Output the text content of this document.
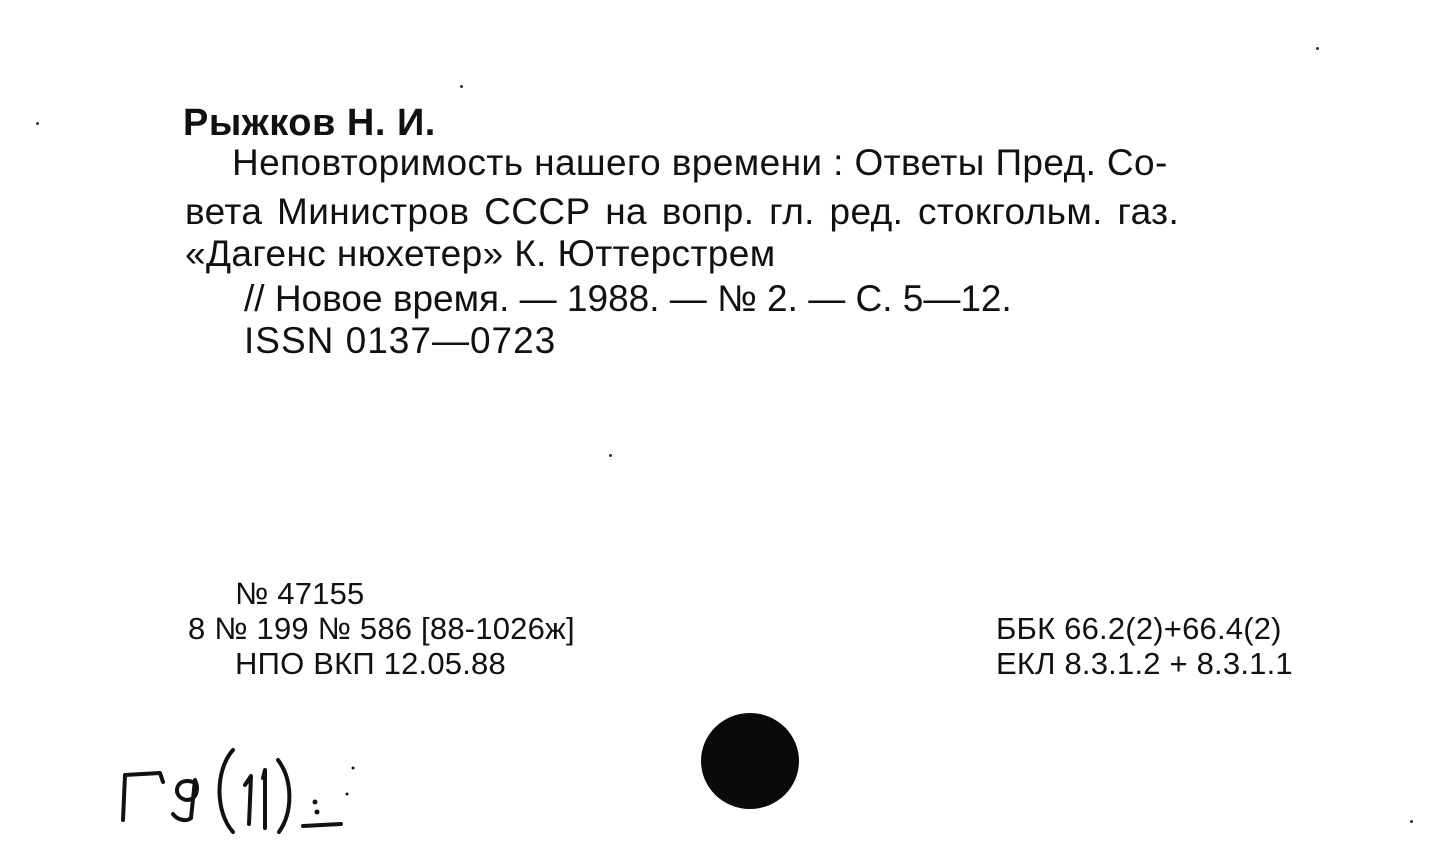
Рыжков Н. И.
Неповторимость нашего времени : Ответы Пред. Со-
вета Министров СССР на вопр. гл. ред. стокгольм. газ.
«Дагенс нюхетер» К. Юттерстрем
// Новое время. — 1988. — № 2. — С. 5—12.
ISSN 0137—0723
№ 47155
8 № 199 № 586 [88-1026ж]
НПО ВКП 12.05.88
ББК 66.2(2)+66.4(2)
ЕКЛ 8.3.1.2 + 8.3.1.1
